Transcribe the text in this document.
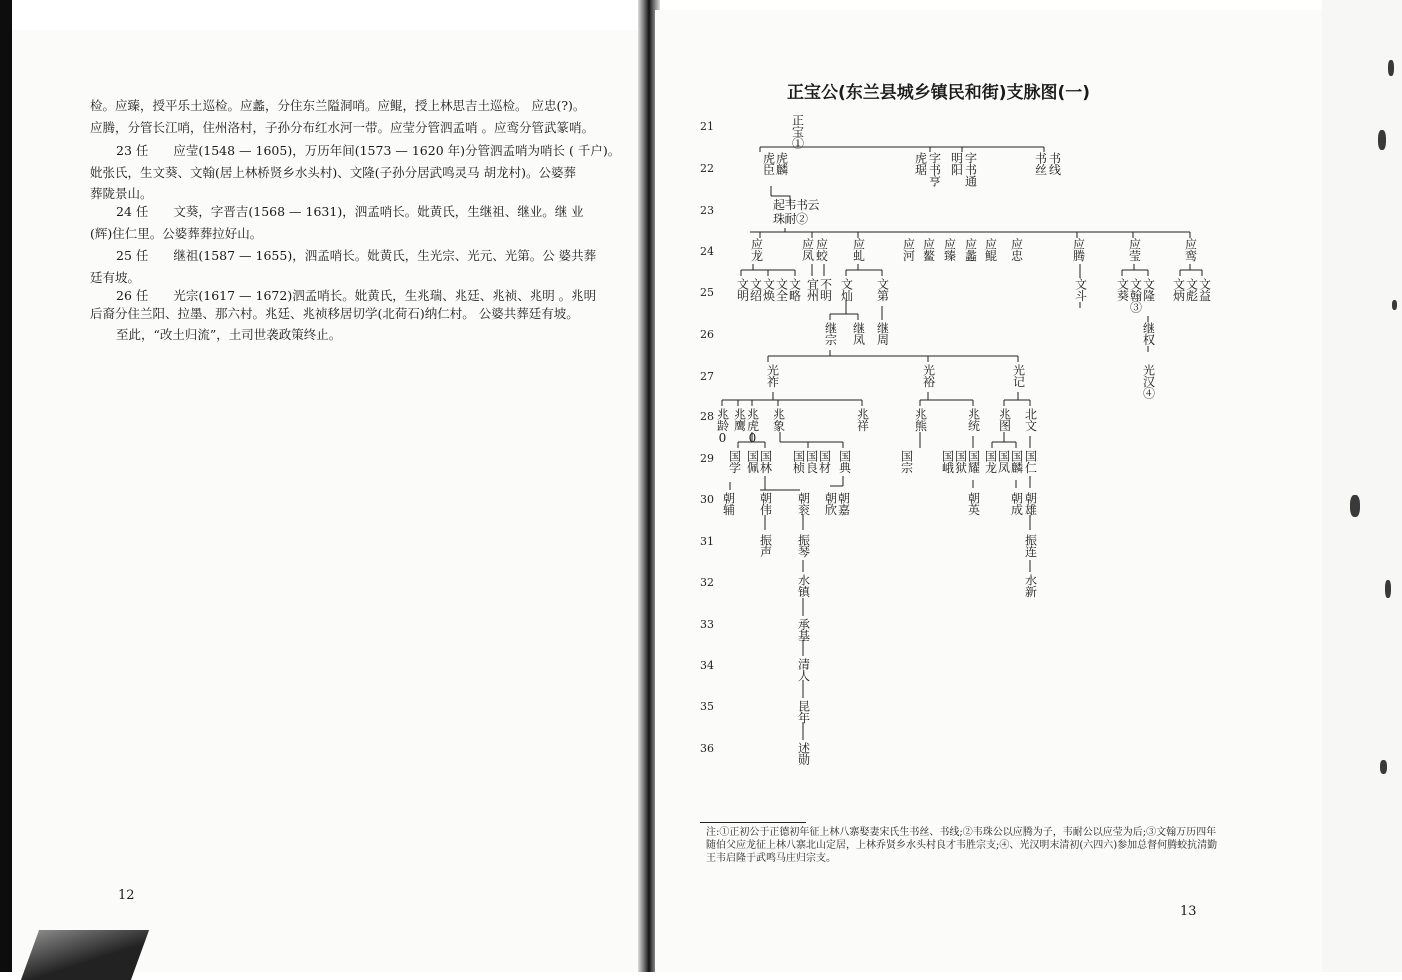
检。应臻，授平乐土巡检。应蠡，分住东兰隘洞哨。应鲲，授上林思吉土巡检。 应忠(?)。
应腾，分管长江哨，住州洛村，子孙分布红水河一带。应莹分管泗孟哨 。应鸾分管武篆哨。
23 任　　应莹(1548 — 1605)，万历年间(1573 — 1620 年)分管泗孟哨为哨长 ( 千户)。
妣张氏，生文葵、文翰(居上林桥贤乡水头村)、文隆(子孙分居武鸣灵马 胡龙村)。公婆葬
葬陇景山。
24 任　　文葵，字晋吉(1568 — 1631)，泗孟哨长。妣黄氏，生继祖、继业。继 业
(辉)住仁里。公婆葬葬拉好山。
25 任　　继祖(1587 — 1655)，泗孟哨长。妣黄氏，生光宗、光元、光第。公 婆共葬
廷有坡。
26 任　　光宗(1617 — 1672)泗孟哨长。妣黄氏，生兆瑞、兆廷、兆祯、兆明 。兆明
后裔分住兰阳、拉墨、那六村。兆廷、兆祯移居切学(北荷石)纳仁村。 公婆共葬廷有坡。
至此，“改土归流”，土司世袭政策终止。
12
正宝公(东兰县城乡镇民和街)支脉图(一)
21
22
23
24
25
26
27
28
29
30
31
32
33
34
35
36
正宝①
虎臣 虎麟	虎琚 字书亨 明阳 字书通	书丝 书线
起韦书云珠耐②
应龙	应凤 应蛟 应虬	应河 应鳌 应臻 应蠡 应鲲 应忠	应腾	应莹	应鸾
文明 文绍 文焕 文全 文略 宜州 不明 文灿 文第	文斗 文葵 文翰③ 文隆 文炳 文彪 文益
继宗 继凤 继周	继权
光祚	光裕	光记	光汉④
兆龄0 兆鹰 兆虎0 兆象	兆祥	兆熊	兆统 兆图 北文
国学 国佩 国林 国桢 国良 国材 国典	国宗 国峨 国狱 国耀 国龙 国凤 国麟 国仁
朝辅 朝伟 朝衮 朝欣 朝嘉	朝英 朝成 朝雄
振声 振琴	振连
水镇	水新
承基
清人
昆年
述勋
注:①正初公于正德初年征上林八寨娶妻宋氏生书丝、书线;②韦珠公以应腾为子，韦耐公以应莹为后;③文翰万历四年随伯父应龙征上林八寨北山定居，上林乔贤乡水头村良才韦胜宗支;④、光汉明末清初(六四六)参加总督何腾蛟抗清勤王韦启隆于武鸣马庄归宗支。
13
